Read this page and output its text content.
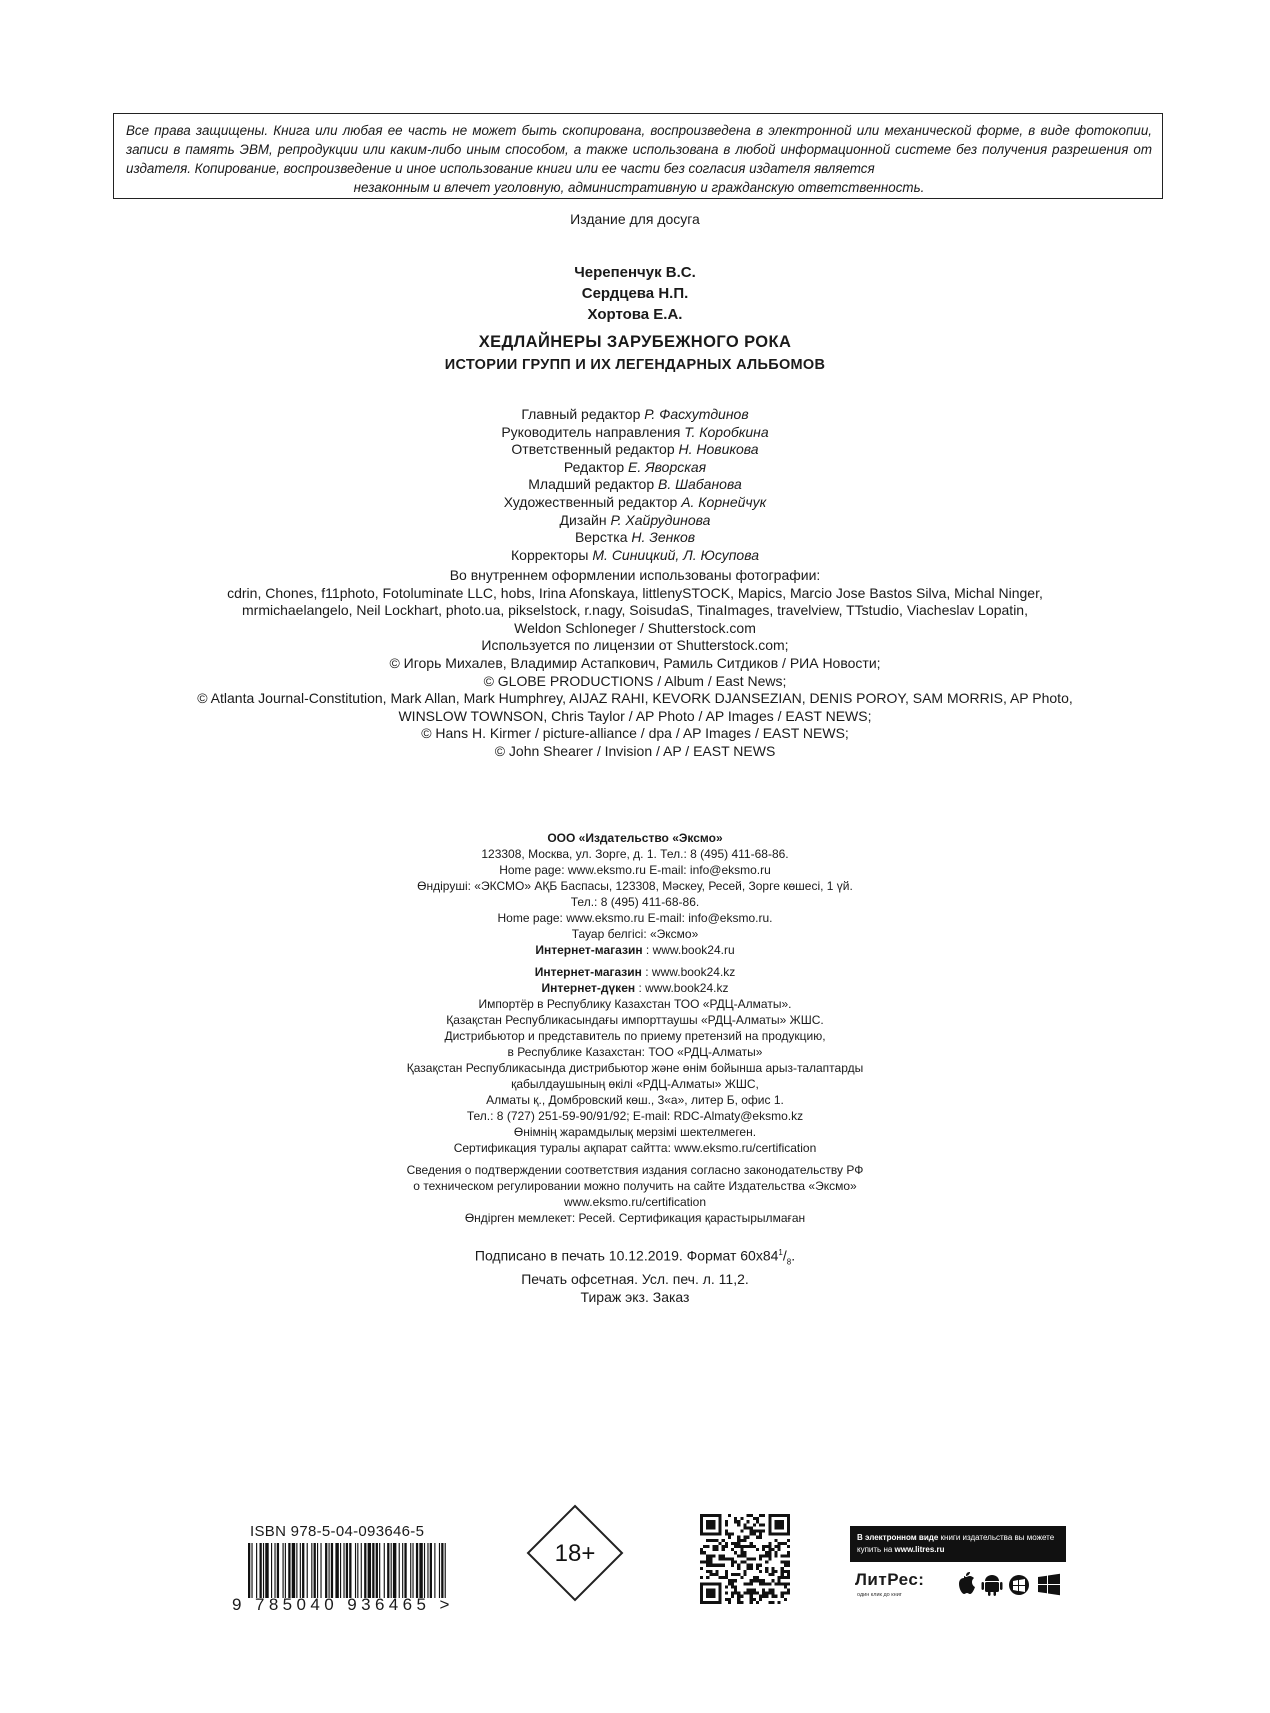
Все права защищены. Книга или любая ее часть не может быть скопирована, воспроизведена в электронной или механической форме, в виде фотокопии, записи в память ЭВМ, репродукции или каким-либо иным способом, а также использована в любой информационной системе без получения разрешения от издателя. Копирование, воспроизведение и иное использование книги или ее части без согласия издателя является

незаконным и влечет уголовную, административную и гражданскую ответственность.

Издание для досуга
Черепенчук В.С.
Сердцева Н.П.
Хортова Е.А.
ХЕДЛАЙНЕРЫ ЗАРУБЕЖНОГО РОКА
ИСТОРИИ ГРУПП И ИХ ЛЕГЕНДАРНЫХ АЛЬБОМОВ
Главный редактор Р. Фасхутдинов
Руководитель направления Т. Коробкина
Ответственный редактор Н. Новикова
Редактор Е. Яворская
Младший редактор В. Шабанова
Художественный редактор А. Корнейчук
Дизайн Р. Хайрудинова
Верстка Н. Зенков
Корректоры М. Синицкий, Л. Юсупова
Во внутреннем оформлении использованы фотографии:
cdrin, Chones, f11photo, Fotoluminate LLC, hobs, Irina Afonskaya, littlenySTOCK, Mapics, Marcio Jose Bastos Silva, Michal Ninger,
mrmichaelangelo, Neil Lockhart, photo.ua, pikselstock, r.nagy, SoisudaS, TinaImages, travelview, TTstudio, Viacheslav Lopatin,
Weldon Schloneger / Shutterstock.com
Используется по лицензии от Shutterstock.com;
© Игорь Михалев, Владимир Астапкович, Рамиль Ситдиков / РИА Новости;
© GLOBE PRODUCTIONS / Album / East News;
© Atlanta Journal-Constitution, Mark Allan, Mark Humphrey, AIJAZ RAHI, KEVORK DJANSEZIAN, DENIS POROY, SAM MORRIS, AP Photo,
WINSLOW TOWNSON, Chris Taylor / AP Photo / AP Images / EAST NEWS;
© Hans H. Kirmer / picture-alliance / dpa / AP Images / EAST NEWS;
© John Shearer / Invision / AP / EAST NEWS
ООО «Издательство «Эксмо»
123308, Москва, ул. Зорге, д. 1. Тел.: 8 (495) 411-68-86.
Home page: www.eksmo.ru E-mail: info@eksmo.ru
Өндіруші: «ЭКСМО» АҚБ Баспасы, 123308, Мәскеу, Ресей, Зорге көшесі, 1 үй.
Тел.: 8 (495) 411-68-86.
Home page: www.eksmo.ru E-mail: info@eksmo.ru.
Тауар белгісі: «Эксмо»
Интернет-магазин : www.book24.ru
Интернет-магазин : www.book24.kz
Интернет-дүкен : www.book24.kz
Импортёр в Республику Казахстан ТОО «РДЦ-Алматы».
Қазақстан Республикасындағы импорттаушы «РДЦ-Алматы» ЖШС.
Дистрибьютор и представитель по приему претензий на продукцию,
в Республике Казахстан: ТОО «РДЦ-Алматы»
Қазақстан Республикасында дистрибьютор және өнім бойынша арыз-талаптарды
қабылдаушының өкілі «РДЦ-Алматы» ЖШС,
Алматы қ., Домбровский көш., 3«а», литер Б, офис 1.
Тел.: 8 (727) 251-59-90/91/92; E-mail: RDC-Almaty@eksmo.kz
Өнімнің жарамдылық мерзімі шектелмеген.
Сертификация туралы ақпарат сайтта: www.eksmo.ru/certification
Сведения о подтверждении соответствия издания согласно законодательству РФ
о техническом регулировании можно получить на сайте Издательства «Эксмо»
www.eksmo.ru/certification
Өндірген мемлекет: Ресей. Сертификация қарастырылмаған
Подписано в печать 10.12.2019. Формат $60x84^1/_8$.
Печать офсетная. Усл. печ. л. 11,2.
Тираж экз. Заказ
ISBN 978-5-04-093646-5
9 785040 936465 >
18+
В электронном виде книги издательства вы можете
купить на www.litres.ru
ЛитРес:
один клик до книг
